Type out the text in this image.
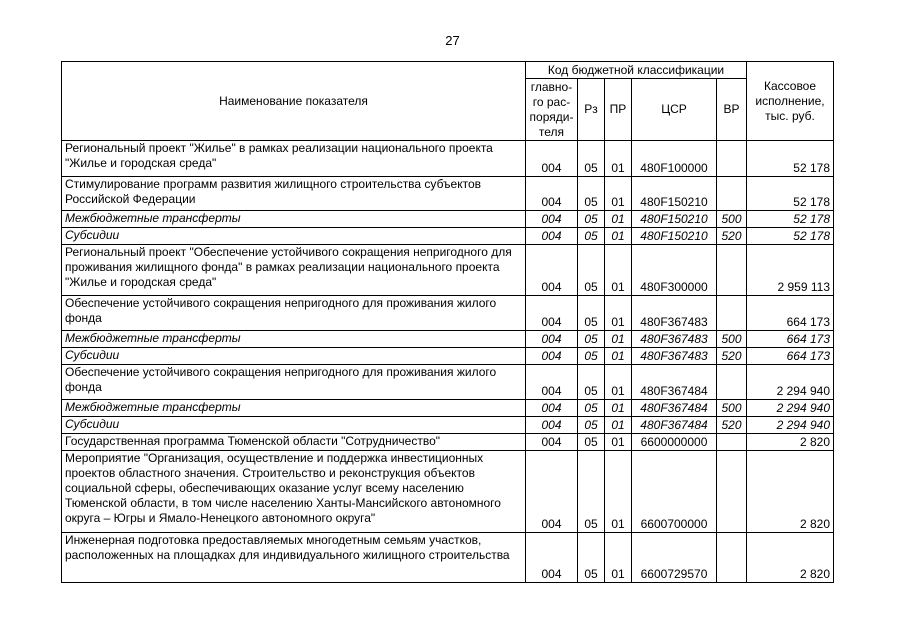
27
Наименование показателя	Код бюджетной классификации					Кассовое исполнение, тыс. руб.
	главно-го рас-поряди-теля	Рз	ПР	ЦСР	ВР	
Региональный проект "Жилье" в рамках реализации национального проекта "Жилье и городская среда"	004	05	01	480F100000		52 178
Стимулирование программ развития жилищного строительства субъектов Российской Федерации	004	05	01	480F150210		52 178
Межбюджетные трансферты	004	05	01	480F150210	500	52 178
Субсидии	004	05	01	480F150210	520	52 178
Региональный проект "Обеспечение устойчивого сокращения непригодного для проживания жилищного фонда" в рамках реализации национального проекта "Жилье и городская среда"	004	05	01	480F300000		2 959 113
Обеспечение устойчивого сокращения непригодного для проживания жилого фонда	004	05	01	480F367483		664 173
Межбюджетные трансферты	004	05	01	480F367483	500	664 173
Субсидии	004	05	01	480F367483	520	664 173
Обеспечение устойчивого сокращения непригодного для проживания жилого фонда	004	05	01	480F367484		2 294 940
Межбюджетные трансферты	004	05	01	480F367484	500	2 294 940
Субсидии	004	05	01	480F367484	520	2 294 940
Государственная программа Тюменской области "Сотрудничество"	004	05	01	6600000000		2 820
Мероприятие "Организация, осуществление и поддержка инвестиционных проектов областного значения. Строительство и реконструкция объектов социальной сферы, обеспечивающих оказание услуг всему населению Тюменской области, в том числе населению Ханты-Мансийского автономного округа – Югры и Ямало-Ненецкого автономного округа"	004	05	01	6600700000		2 820
Инженерная подготовка предоставляемых многодетным семьям участков, расположенных на площадках для индивидуального жилищного строительства	004	05	01	6600729570		2 820
